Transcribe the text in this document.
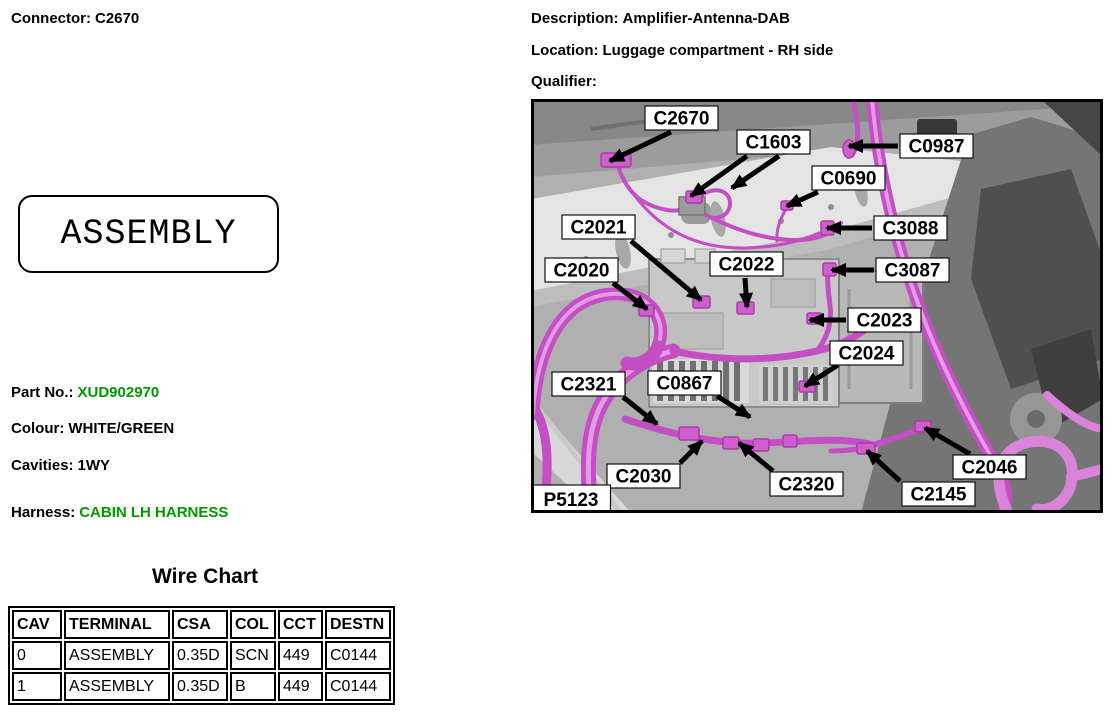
Connector: C2670	Description: Amplifier-Antenna-DAB
Location: Luggage compartment - RH side
Qualifier:
ASSEMBLY
Part No.: XUD902970
Colour: WHITE/GREEN
Cavities: 1WY
Harness: CABIN LH HARNESS
Wire Chart
CAV	TERMINAL	CSA	COL	CCT	DESTN
0	ASSEMBLY	0.35D	SCN	449	C0144
1	ASSEMBLY	0.35D	B	449	C0144
C2670
C1603	C0987
C0690
C3088
C2021
C2020	C2022	C3087
C2023
C2024
C2321 C0867
C2030	C2320	C2145
C2046
P5123
